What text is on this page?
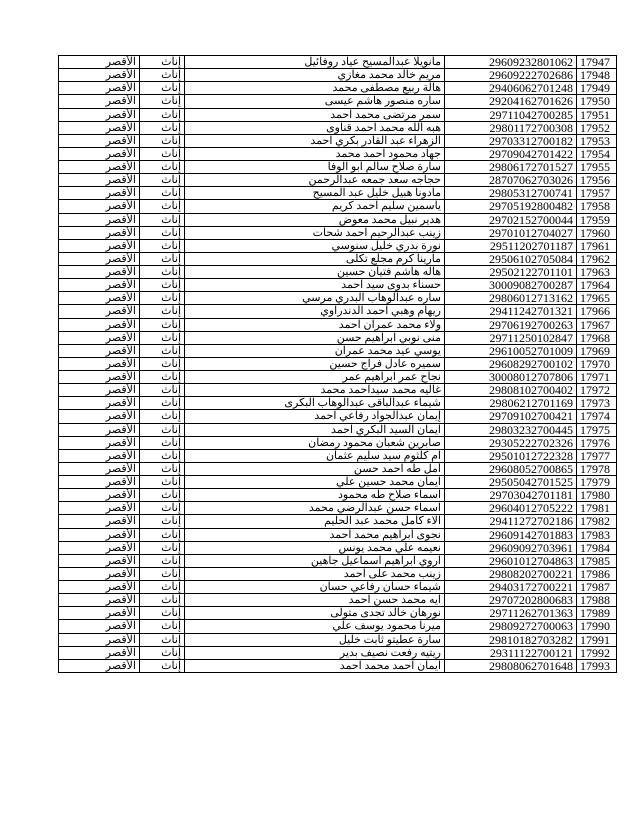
الأقصر	إناث	مانويلا عبدالمسيح عياد روفائيل	29609232801062	17947
الأقصر	إناث	مريم خالد محمد مغازي	29609222702686	17948
الأقصر	إناث	هالة ربيع مصطفى محمد	29406062701248	17949
الأقصر	إناث	ساره منصور هاشم عيسى	29204162701626	17950
الأقصر	إناث	سمر مرتضى محمد احمد	29711042700285	17951
الأقصر	إناث	هبه الله محمد احمد قناوى	29801172700308	17952
الأقصر	إناث	الزهراء عبد القادر بكري احمد	29703312700182	17953
الأقصر	إناث	جهاد محمود احمد محمد	29709042701422	17954
الأقصر	إناث	سارة صلاح سالم ابو الوفا	29806172701527	17955
الأقصر	إناث	حجاجه سعد جمعه عبدالرحمن	28707062703026	17956
الأقصر	إناث	مادونا هبيل خليل عبد المسيح	29805312700741	17957
الأقصر	إناث	ياسمين سليم احمد كريم	29705192800482	17958
الأقصر	إناث	هدير نبيل محمد معوض	29702152700044	17959
الأقصر	إناث	زينب عبدالرحيم احمد شحات	29701012704027	17960
الأقصر	إناث	نورة بدري خليل سنوسي	29511202701187	17961
الأقصر	إناث	مارينا كرم مجلع تكلى	29506102705084	17962
الأقصر	إناث	هاله هاشم فتيان حسين	29502122701101	17963
الأقصر	إناث	حسناء بدوى سيد احمد	30009082700287	17964
الأقصر	إناث	ساره عبدالوهاب البدري مرسي	29806012713162	17965
الأقصر	إناث	ريهام وهبي احمد الدندراوي	29411242701321	17966
الأقصر	إناث	ولاء محمد عمران احمد	29706192700263	17967
الأقصر	إناث	منى نوبي ابراهيم حسن	29711250102847	17968
الأقصر	إناث	يوسي عيد محمد عمران	29610052701009	17969
الأقصر	إناث	سميره عادل فراج حسين	29608292700102	17970
الأقصر	إناث	نجاح عمر ابراهيم عمر	30008012707806	17971
الأقصر	إناث	غاليه محمد سيداحمد محمد	29808102700402	17972
الأقصر	إناث	شيماء عبدالباقى عبدالوهاب البكرى	29806212701169	17973
الأقصر	إناث	إيمان عبدالجواد رفاعي احمد	29709102700421	17974
الأقصر	إناث	ايمان السيد البكري احمد	29803232700445	17975
الأقصر	إناث	صابرين شعبان محمود رمضان	29305222702326	17976
الأقصر	إناث	ام كلثوم سيد سليم عثمان	29501012722328	17977
الأقصر	إناث	أمل طه احمد حسن	29608052700865	17978
الأقصر	إناث	ايمان محمد حسين علي	29505042701525	17979
الأقصر	إناث	اسماء صلاح طه محمود	29703042701181	17980
الأقصر	إناث	اسماء حسن عبدالرضي محمد	29604012705222	17981
الأقصر	إناث	الاء كامل محمد عبد الحليم	29411272702186	17982
الأقصر	إناث	نجوى ابراهيم محمد احمد	29609142701883	17983
الأقصر	إناث	نعيمه علي محمد يونس	29609092703961	17984
الأقصر	إناث	اروي ابراهيم اسماعيل جاهين	29601012704863	17985
الأقصر	إناث	زينب محمد على احمد	29808202700221	17986
الأقصر	إناث	شيماء حسان رفاعي حسان	29403172700221	17987
الأقصر	إناث	ايه محمد حسن احمد	29707202800683	17988
الأقصر	إناث	نورهان خالد تجدى متولى	29711262701363	17989
الأقصر	إناث	ميرنا محمود يوسف علي	29809272700063	17990
الأقصر	إناث	سارة عطيتو ثابت خليل	29810182703282	17991
الأقصر	إناث	ريتيه رفعت نصيف بدير	29311122700121	17992
الأقصر	إناث	ايمان احمد محمد احمد	29808062701648	17993
